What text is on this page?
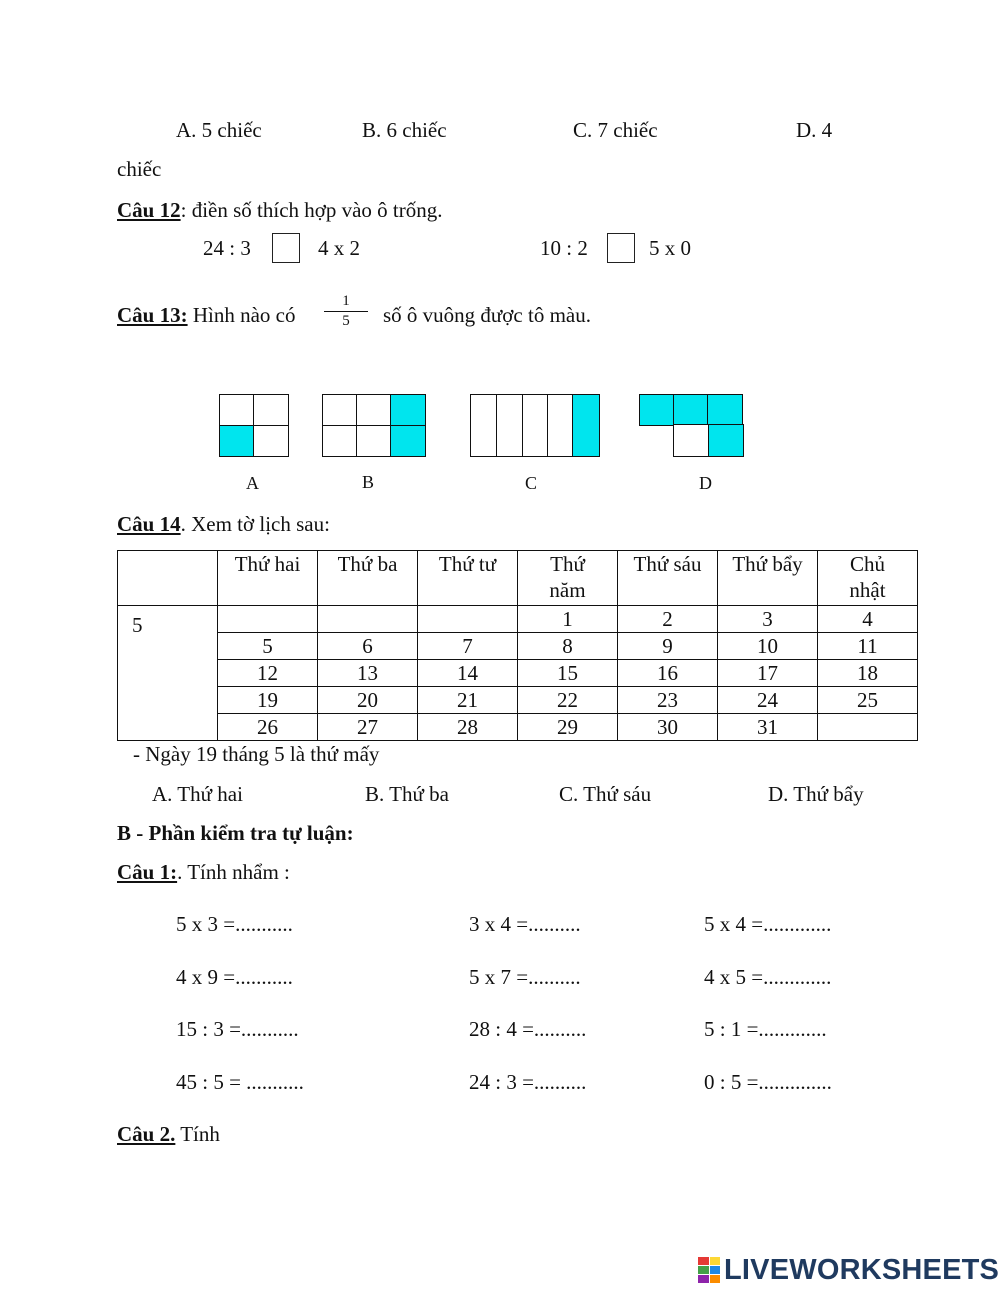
A. 5 chiếc	B. 6 chiếc	C. 7 chiếc	D. 4
chiếc
Câu 12: điền số thích hợp vào ô trống.
24 : 3	4 x 2	10 : 2	5 x 0
Câu 13: Hình nào có
1
5	số ô vuông được tô màu.
A	B	C	D
Câu 14. Xem tờ lịch sau:
	Thứ hai	Thứ ba	Thứ tư	Thứ năm	Thứ sáu	Thứ bẩy	Chủ nhật
5				1	2	3	4
	5	6	7	8	9	10	11
	12	13	14	15	16	17	18
	19	20	21	22	23	24	25
	26	27	28	29	30	31	
- Ngày 19 tháng 5 là thứ mấy
A. Thứ hai	B. Thứ ba	C. Thứ sáu	D. Thứ bẩy
B - Phần kiểm tra tự luận:
Câu 1:. Tính nhẩm :
5 x 3 =...........	3 x 4 =..........	5 x 4 =.............
4 x 9 =...........	5 x 7 =..........	4 x 5 =.............
15 : 3 =...........	28 : 4 =..........	5 : 1 =.............
45 : 5 = ...........	24 : 3 =..........	0 : 5 =..............
Câu 2. Tính
LIVEWORKSHEETS
